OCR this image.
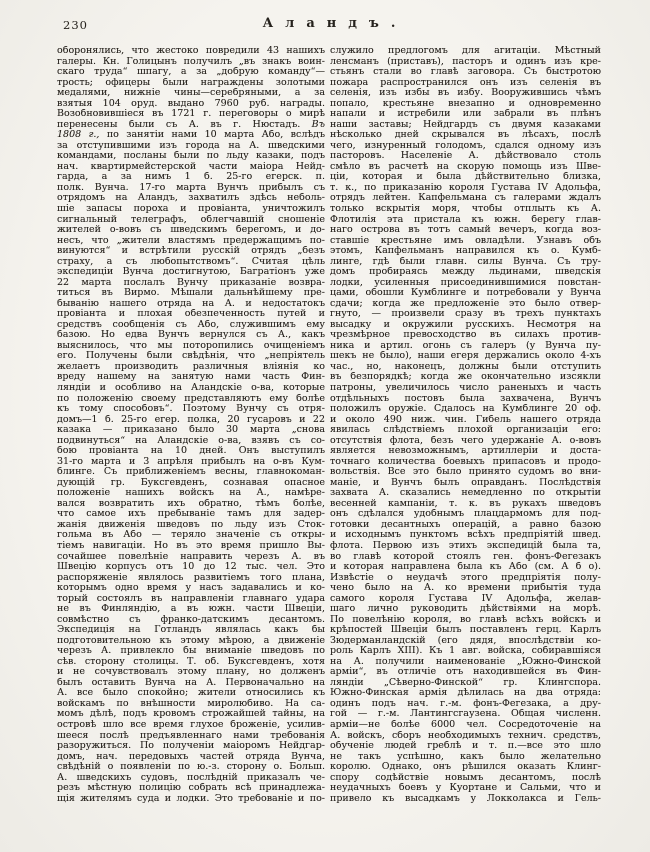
230	Аландъ.
оборонялись, что жестоко повредили 43 нашихъ
галеры. Кн. Голицынъ получилъ „въ знакъ воин-
скаго труда“ шпагу, а за „добрую команду“—
трость; офицеры были награждены золотыми
медалями, нижніе чины—серебряными, а за
взятыя 104 оруд. выдано 7960 руб. награды.
Возобновившіеся въ 1721 г. переговоры о мирѣ
перенесены были съ А. въ г. Нюстадъ. Въ
1808 г., по занятіи нами 10 марта Або, вслѣдъ
за отступившими изъ города на А. шведскими
командами, посланы были по льду казаки, подъ
нач. квартирмейстерской части маіора Нейд-
гарда, а за нимъ 1 б. 25-го егерск. п.
полк. Вунча. 17-го марта Вунчъ прибылъ съ
отрядомъ на Аландъ, захватилъ здѣсь неболь-
шіе запасы пороха и провіанта, уничтожилъ
сигнальный телеграфъ, облегчавшій сношеніе
жителей о-вовъ съ шведскимъ берегомъ, и до-
несъ, что „жители властямъ предержащимъ по-
винуются“ и встрѣтили русскій отрядъ „безъ
страху, а съ любопытствомъ“. Считая цѣль
экспедиціи Вунча достигнутою, Багратіонъ уже
22 марта послалъ Вунчу приказаніе возвра-
титься въ Вирмо. Мѣшали дальнѣйшему пре-
быванію нашего отряда на А. и недостатокъ
провіанта и плохая обезпеченность путей и
средствъ сообщенія съ Або, служившимъ ему
базою. Но едва Вунчъ вернулся съ А., какъ
выяснилось, что мы поторопились очищеніемъ
его. Получены были свѣдѣнія, что „непріятель
желаетъ производить различныя вліянія ко
вреду нашему на занятую нами часть Фин-
ляндіи и особливо на Аландскіе о-ва, которые
по положенію своему представляютъ ему болѣе
къ тому способовъ“. Поэтому Вунчу съ отря-
домъ—1 б. 25-го егер. полка, 20 гусаровъ и 22
казака — приказано было 30 марта „снова
подвинуться“ на Аландскіе о-ва, взявъ съ со-
бою провіанта на 10 дней. Онъ выступилъ
31-го марта и 3 апрѣля прибылъ на о-въ Кум-
блинге. Съ приближеніемъ весны, главнокоман-
дующій гр. Буксгевденъ, сознавая опасное
положеніе нашихъ войскъ на А., намѣре-
вался возвратить ихъ обратно, тѣмъ болѣе,
что самое ихъ пребываніе тамъ для задер-
жанія движенія шведовъ по льду изъ Сток-
гольма въ Або — теряло значеніе съ откры-
тіемъ навигаціи. Но въ это время пришло Вы-
сочайшее повелѣніе направить черезъ А. въ
Швецію корпусъ отъ 10 до 12 тыс. чел. Это
распоряженіе являлось развитіемъ того плана,
которымъ одно время у насъ задавались и ко-
торый состоялъ въ направленіи главнаго удара
не въ Финляндію, а въ южн. части Швеціи,
совмѣстно съ франко-датскимъ десантомъ.
Экспедиція на Готландъ являлась какъ бы
подготовительною къ этому мѣрою, а движеніе
черезъ А. привлекло бы вниманіе шведовъ по
сѣв. сторону столицы. Т. об. Буксгевденъ, хотя
и не сочувствовалъ этому плану, но долженъ
былъ оставить Вунча на А. Первоначально на
А. все было спокойно; жители относились къ
войскамъ по внѣшности миролюбиво. На са-
момъ дѣлѣ, подъ кровомъ строжайшей тайны, на
островѣ шло все время глухое броженіе, усилив-
шееся послѣ предъявленнаго нами требованія
разоружиться. По полученіи маіоромъ Нейдгар-
домъ, нач. передовыхъ частей отряда Вунча,
свѣдѣній о появленіи по ю.-з. сторону о. Больш.
А. шведскихъ судовъ, послѣдній приказалъ че-
резъ мѣстную полицію собрать всѣ принадлежа-
щія жителямъ суда и лодки. Это требованіе и по-
служило предлогомъ для агитаціи. Мѣстный
ленсманъ (приставъ), пасторъ и одинъ изъ кре-
стьянъ стали во главѣ заговора. Съ быстротою
пожара распространился онъ изъ селенія въ
селенія, изъ избы въ избу. Вооружившись чѣмъ
попало, крестьяне внезапно и одновременно
напали и истребили или забрали въ плѣнъ
наши заставы; Нейдгардъ съ двумя казаками
нѣсколько дней скрывался въ лѣсахъ, послѣ
чего, изнуренный голодомъ, сдался одному изъ
пасторовъ. Населеніе А. дѣйствовало столь
смѣло въ расчетѣ на скорую помощь изъ Шве-
ціи, которая и была дѣйствительно близка,
т. к., по приказанію короля Густава IV Адольфа,
отрядъ лейтен. Капфельмана съ галерами ждалъ
только вскрытія моря, чтобы отплыть къ А.
Флотилія эта пристала къ южн. берегу глав-
наго острова въ тотъ самый вечеръ, когда воз-
ставшіе крестьяне имъ овладѣли. Узнавъ объ
этомъ, Капфельманъ направился къ о. Кумб-
линге, гдѣ были главн. силы Вунча. Съ тру-
домъ пробираясь между льдинами, шведскія
лодки, усиленныя присоединившимися повстан-
цами, обошли Кумблинге и потребовали у Вунча
сдачи; когда же предложеніе это было отвер-
гнуто, — произвели сразу въ трехъ пунктахъ
высадку и окружили русскихъ. Несмотря на
чрезмѣрное превосходство въ силахъ против-
ника и артил. огонь съ галеръ (у Вунча пу-
шекъ не было), наши егеря держались около 4-хъ
час., но, наконецъ, должны были отступить
въ безпорядкѣ; когда же окончательно изсякли
патроны, увеличилось число раненыхъ и часть
отдѣльныхъ постовъ была захвачена, Вунчъ
положилъ оружіе. Сдалось на Кумблинге 20 оф.
и около 490 ниж. чин. Гибель нашего отряда
явилась слѣдствіемъ плохой организаціи его:
отсутствія флота, безъ чего удержаніе А. о-вовъ
является невозможнымъ, артиллеріи и доста-
точнаго количества боевыхъ припасовъ и продо-
вольствія. Все это было принято судомъ во вни-
маніе, и Вунчъ былъ оправданъ. Послѣдствія
захвата А. сказались немедленно по открытіи
весенней кампаніи, т. к. въ рукахъ шведовъ
онъ сдѣлался удобнымъ плацдармомъ для под-
готовки десантныхъ операцій, а равно базою
и исходнымъ пунктомъ всѣхъ предпріятій швед.
флота. Первою изъ этихъ экспедицій была та,
во главѣ которой стоялъ ген. фонъ-Фегезакъ
и которая направлена была къ Або (см. А б о).
Извѣстіе о неудачѣ этого предпріятія полу-
чено было на А. ко времени прибытія туда
самого короля Густава IV Адольфа, желав-
шаго лично руководить дѣйствіями на морѣ.
По повелѣнію короля, во главѣ всѣхъ войскъ и
крѣпостей Швеціи былъ поставленъ герц. Карлъ
Зюдерманландскій (его дядя, впослѣдствіи ко-
роль Карлъ XIII). Къ 1 авг. войска, собиравшіяся
на А. получили наименованіе „Южно-Финской
арміи“, въ отличіе отъ находившейся въ Фин-
ляндіи „Сѣверно-Финской“ гр. Клингспора.
Южно-Финская армія дѣлилась на два отряда:
одинъ подъ нач. г.-м. фонъ-Фегезака, а дру-
гой — г.-м. Лантингсгаузена. Общая численн.
арміи—не болѣе 6000 чел. Сосредоточеніе на
А. войскъ, сборъ необходимыхъ технич. средствъ,
обученіе людей греблѣ и т. п.—все это шло
не такъ успѣшно, какъ было желательно
королю. Однако, онъ рѣшился оказать Клинг-
спору содѣйствіе новымъ десантомъ, послѣ
неудачныхъ боевъ у Куортане и Сальми, что и
привело къ высадкамъ у Локколакса и Гель-
